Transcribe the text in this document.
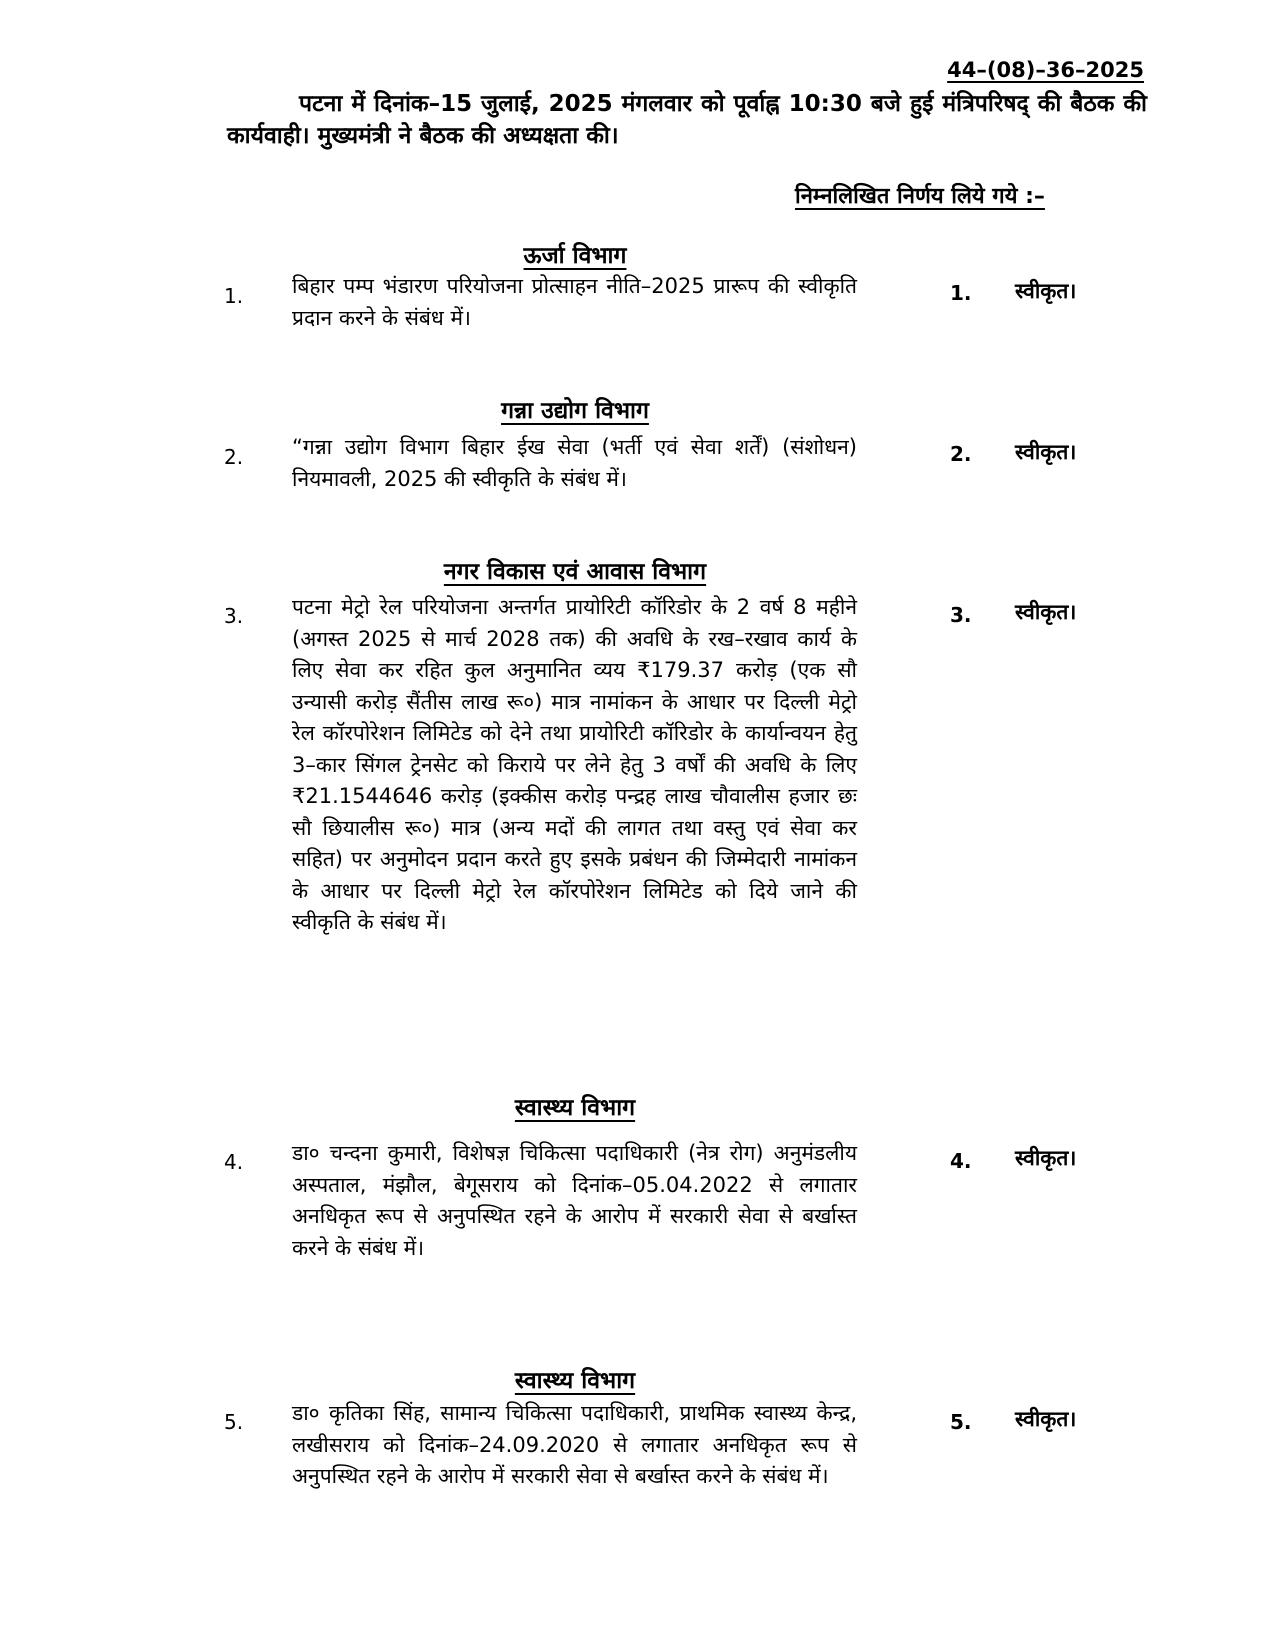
44–(08)–36–2025
पटना में दिनांक–15 जुलाई, 2025 मंगलवार को पूर्वाह्न 10:30 बजे हुई मंत्रिपरिषद् की बैठक की कार्यवाही। मुख्यमंत्री ने बैठक की अध्यक्षता की।
निम्नलिखित निर्णय लिये गये :–
ऊर्जा विभाग
1. बिहार पम्प भंडारण परियोजना प्रोत्साहन नीति–2025 प्रारूप की स्वीकृति प्रदान करने के संबंध में।
1. स्वीकृत।
गन्ना उद्योग विभाग
2. “गन्ना उद्योग विभाग बिहार ईख सेवा (भर्ती एवं सेवा शर्तें) (संशोधन) नियमावली, 2025 की स्वीकृति के संबंध में।
2. स्वीकृत।
नगर विकास एवं आवास विभाग
3. पटना मेट्रो रेल परियोजना अन्तर्गत प्रायोरिटी कॉरिडोर के 2 वर्ष 8 महीने (अगस्त 2025 से मार्च 2028 तक) की अवधि के रख–रखाव कार्य के लिए सेवा कर रहित कुल अनुमानित व्यय ₹179.37 करोड़ (एक सौ उन्यासी करोड़ सैंतीस लाख रू०) मात्र नामांकन के आधार पर दिल्ली मेट्रो रेल कॉरपोरेशन लिमिटेड को देने तथा प्रायोरिटी कॉरिडोर के कार्यान्वयन हेतु 3–कार सिंगल ट्रेनसेट को किराये पर लेने हेतु 3 वर्षों की अवधि के लिए ₹21.1544646 करोड़ (इक्कीस करोड़ पन्द्रह लाख चौवालीस हजार छः सौ छियालीस रू०) मात्र (अन्य मदों की लागत तथा वस्तु एवं सेवा कर सहित) पर अनुमोदन प्रदान करते हुए इसके प्रबंधन की जिम्मेदारी नामांकन के आधार पर दिल्ली मेट्रो रेल कॉरपोरेशन लिमिटेड को दिये जाने की स्वीकृति के संबंध में।
3. स्वीकृत।
स्वास्थ्य विभाग
4. डा० चन्दना कुमारी, विशेषज्ञ चिकित्सा पदाधिकारी (नेत्र रोग) अनुमंडलीय अस्पताल, मंझौल, बेगूसराय को दिनांक–05.04.2022 से लगातार अनधिकृत रूप से अनुपस्थित रहने के आरोप में सरकारी सेवा से बर्खास्त करने के संबंध में।
4. स्वीकृत।
स्वास्थ्य विभाग
5. डा० कृतिका सिंह, सामान्य चिकित्सा पदाधिकारी, प्राथमिक स्वास्थ्य केन्द्र, लखीसराय को दिनांक–24.09.2020 से लगातार अनधिकृत रूप से अनुपस्थित रहने के आरोप में सरकारी सेवा से बर्खास्त करने के संबंध में।
5. स्वीकृत।
